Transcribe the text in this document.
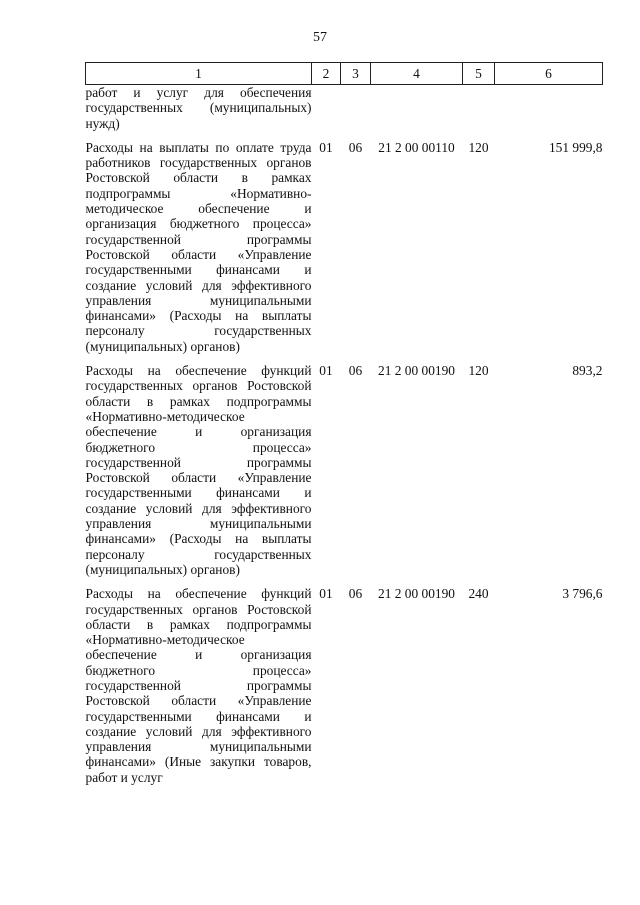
57
1	2	3	4	5	6
работ и услуг для обеспечения государственных (муниципальных) нужд)					

Расходы на выплаты по оплате труда работников государственных органов Ростовской области в рамках подпрограммы «Нормативно-методическое обеспечение и организация бюджетного процесса» государственной программы Ростовской области «Управление государственными финансами и создание условий для эффективного управления муниципальными финансами» (Расходы на выплаты персоналу государственных (муниципальных) органов)	01	06	21 2 00 00110	120	151 999,8

Расходы на обеспечение функций государственных органов Ростовской области в рамках подпрограммы «Нормативно-методическое обеспечение и организация бюджетного процесса» государственной программы Ростовской области «Управление государственными финансами и создание условий для эффективного управления муниципальными финансами» (Расходы на выплаты персоналу государственных (муниципальных) органов)	01	06	21 2 00 00190	120	893,2

Расходы на обеспечение функций государственных органов Ростовской области в рамках подпрограммы «Нормативно-методическое обеспечение и организация бюджетного процесса» государственной программы Ростовской области «Управление государственными финансами и создание условий для эффективного управления муниципальными финансами» (Иные закупки товаров, работ и услуг	01	06	21 2 00 00190	240	3 796,6
